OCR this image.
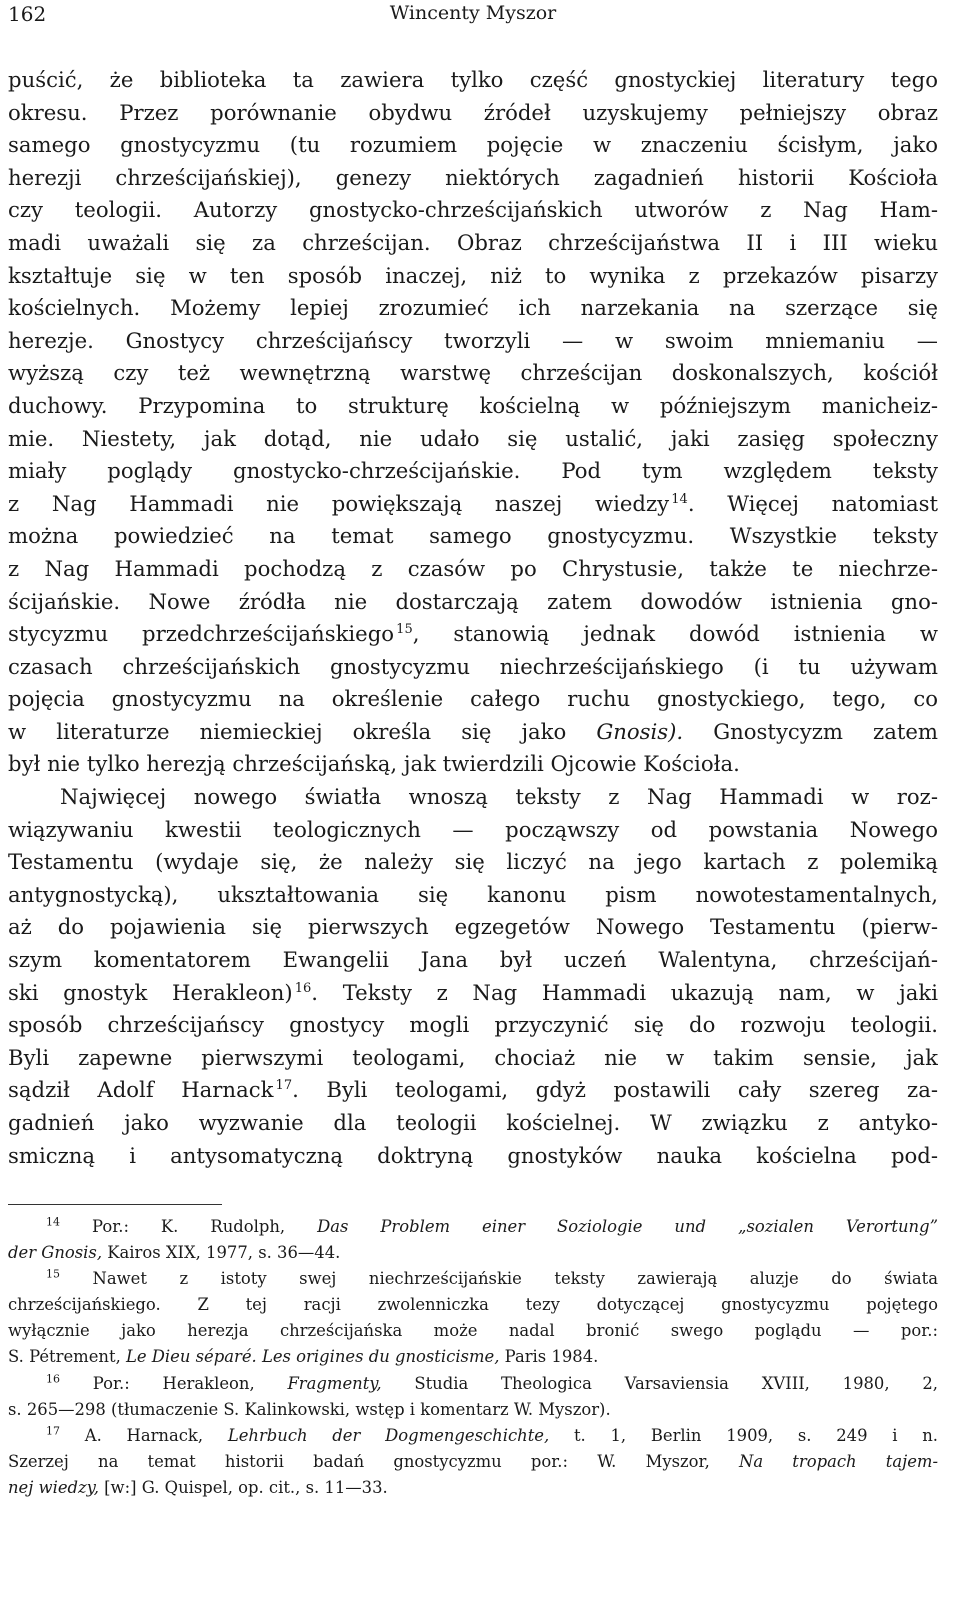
162	Wincenty Myszor
puścić, że biblioteka ta zawiera tylko część gnostyckiej literatury tego
okresu. Przez porównanie obydwu źródeł uzyskujemy pełniejszy obraz
samego gnostycyzmu (tu rozumiem pojęcie w znaczeniu ścisłym, jako
herezji chrześcijańskiej), genezy niektórych zagadnień historii Kościoła
czy teologii. Autorzy gnostycko-chrześcijańskich utworów z Nag Ham-
madi uważali się za chrześcijan. Obraz chrześcijaństwa II i III wieku
kształtuje się w ten sposób inaczej, niż to wynika z przekazów pisarzy
kościelnych. Możemy lepiej zrozumieć ich narzekania na szerzące się
herezje. Gnostycy chrześcijańscy tworzyli — w swoim mniemaniu —
wyższą czy też wewnętrzną warstwę chrześcijan doskonalszych, kościół
duchowy. Przypomina to strukturę kościelną w późniejszym manicheiz-
mie. Niestety, jak dotąd, nie udało się ustalić, jaki zasięg społeczny
miały poglądy gnostycko-chrześcijańskie. Pod tym względem teksty
z Nag Hammadi nie powiększają naszej wiedzy  $^{14}$. Więcej natomiast
można powiedzieć na temat samego gnostycyzmu. Wszystkie teksty
z Nag Hammadi pochodzą z czasów po Chrystusie, także te niechrze-
ścijańskie. Nowe źródła nie dostarczają zatem dowodów istnienia gno-
stycyzmu przedchrześcijańskiego  $^{15}$, stanowią jednak dowód istnienia w
czasach chrześcijańskich gnostycyzmu niechrześcijańskiego (i tu używam
pojęcia gnostycyzmu na określenie całego ruchu gnostyckiego, tego, co
w literaturze niemieckiej określa się jako Gnosis). Gnostycyzm zatem
był nie tylko herezją chrześcijańską, jak twierdzili Ojcowie Kościoła.
Najwięcej nowego światła wnoszą teksty z Nag Hammadi w roz-
wiązywaniu kwestii teologicznych — począwszy od powstania Nowego
Testamentu (wydaje się, że należy się liczyć na jego kartach z polemiką
antygnostycką), ukształtowania się kanonu pism nowotestamentalnych,
aż do pojawienia się pierwszych egzegetów Nowego Testamentu (pierw-
szym komentatorem Ewangelii Jana był uczeń Walentyna, chrześcijań-
ski gnostyk Herakleon)  $^{16}$. Teksty z Nag Hammadi ukazują nam, w jaki
sposób chrześcijańscy gnostycy mogli przyczynić się do rozwoju teologii.
Byli zapewne pierwszymi teologami, chociaż nie w takim sensie, jak
sądził Adolf Harnack  $^{17}$. Byli teologami, gdyż postawili cały szereg za-
gadnień jako wyzwanie dla teologii kościelnej. W związku z antyko-
smiczną i antysomatyczną doktryną gnostyków nauka kościelna pod-
$^{14}$ Por.: K. Rudolph, Das Problem einer Soziologie und „sozialen Verortung”
der Gnosis, Kairos XIX, 1977, s. 36—44.
$^{15}$ Nawet z istoty swej niechrześcijańskie teksty zawierają aluzje do świata
chrześcijańskiego. Z tej racji zwolenniczka tezy dotyczącej gnostycyzmu pojętego
wyłącznie jako herezja chrześcijańska może nadal bronić swego poglądu — por.:
S. Pétrement, Le Dieu séparé. Les origines du gnosticisme, Paris 1984.
$^{16}$ Por.: Herakleon, Fragmenty, Studia Theologica Varsaviensia XVIII, 1980, 2,
s. 265—298 (tłumaczenie S. Kalinkowski, wstęp i komentarz W. Myszor).
$^{17}$ A. Harnack, Lehrbuch der Dogmengeschichte, t. 1, Berlin 1909, s. 249 i n.
Szerzej na temat historii badań gnostycyzmu por.: W. Myszor, Na tropach tajem-
nej wiedzy, [w:] G. Quispel, op. cit., s. 11—33.
